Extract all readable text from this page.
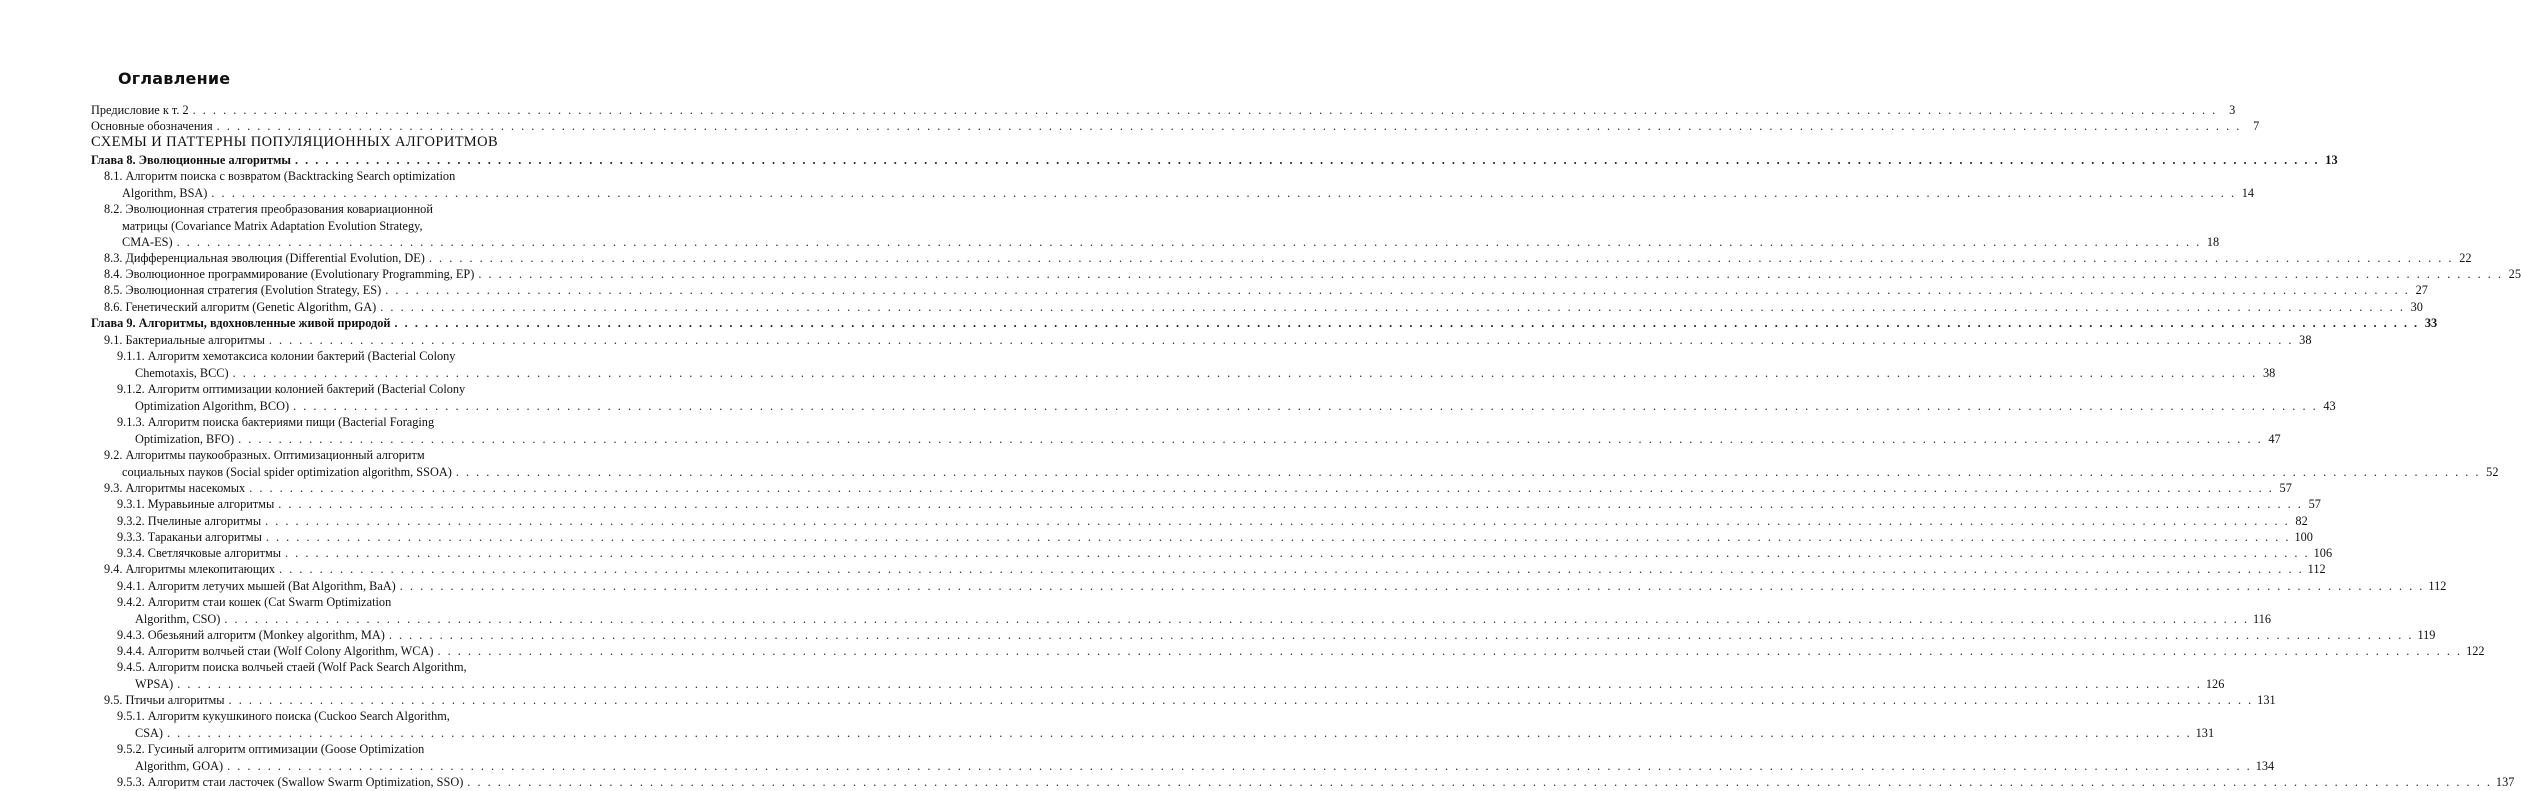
Оглавление
СХЕМЫ И ПАТТЕРНЫ ПОПУЛЯЦИОННЫХ АЛГОРИТМОВ
Предисловие к т. 2 . . . . . . . . . . . . . . . . . . . . . . . . . . . . . . . . . . . . . . . . . . . . . . . . . . . . . . . . . . . . . . . . . . . . . . . . . . . . . . . . . . . . . . . . . . . . . . . . . . . . . . . . . . . . . . . . . . . . . . . . . . . . . . . . . . . . . . . . . . . . . . . . . . . . . . . . . . . . . . . . . . . . . . . . . . . . . . . . . . . . . . . . . . . . . . . . . . . . . . . . 3
Основные обозначения . . . . . . . . . . . . . . . . . . . . . . . . . . . . . . . . . . . . . . . . . . . . . . . . . . . . . . . . . . . . . . . . . . . . . . . . . . . . . . . . . . . . . . . . . . . . . . . . . . . . . . . . . . . . . . . . . . . . . . . . . . . . . . . . . . . . . . . . . . . . . . . . . . . . . . . . . . . . . . . . . . . . . . . . . . . . . . . . . . . . . . . . . . . . . . . . . . . . . . . . 7
Глава 8. Эволюционные алгоритмы . . . . . . . . . . . . . . . . . . . . . . . . . . . . . . . . . . . . . . . . . . . . . . . . . . . . . . . . . . . . . . . . . . . . . . . . . . . . . . . . . . . . . . . . . . . . . . . . . . . . . . . . . . . . . . . . . . . . . . . . . . . . . . . . . . . . . . . . . . . . . . . . . . . . . . . . . . . . . . . . . . . . . . . . . . . . . . . . . . . . . . . . . . . . . . . . . . . . . . . . 13
8.1. Алгоритм поиска с возвратом (Backtracking Search optimization
Algorithm, BSA) . . . . . . . . . . . . . . . . . . . . . . . . . . . . . . . . . . . . . . . . . . . . . . . . . . . . . . . . . . . . . . . . . . . . . . . . . . . . . . . . . . . . . . . . . . . . . . . . . . . . . . . . . . . . . . . . . . . . . . . . . . . . . . . . . . . . . . . . . . . . . . . . . . . . . . . . . . . . . . . . . . . . . . . . . . . . . . . . . . . . . . . . . . . . . . . . . . . . . . . . 14
8.2. Эволюционная стратегия преобразования ковариационной
матрицы (Covariance Matrix Adaptation Evolution Strategy,
CMA-ES) . . . . . . . . . . . . . . . . . . . . . . . . . . . . . . . . . . . . . . . . . . . . . . . . . . . . . . . . . . . . . . . . . . . . . . . . . . . . . . . . . . . . . . . . . . . . . . . . . . . . . . . . . . . . . . . . . . . . . . . . . . . . . . . . . . . . . . . . . . . . . . . . . . . . . . . . . . . . . . . . . . . . . . . . . . . . . . . . . . . . . . . . . . . . . . . . . . . . . . . . 18
8.3. Дифференциальная эволюция (Differential Evolution, DE) . . . . . . . . . . . . . . . . . . . . . . . . . . . . . . . . . . . . . . . . . . . . . . . . . . . . . . . . . . . . . . . . . . . . . . . . . . . . . . . . . . . . . . . . . . . . . . . . . . . . . . . . . . . . . . . . . . . . . . . . . . . . . . . . . . . . . . . . . . . . . . . . . . . . . . . . . . . . . . . . . . . . . . . . . . . . . . . . . . . . . . . . . . . . . . . . . . . . . . . . 22
8.4. Эволюционное программирование (Evolutionary Programming, EP) . . . . . . . . . . . . . . . . . . . . . . . . . . . . . . . . . . . . . . . . . . . . . . . . . . . . . . . . . . . . . . . . . . . . . . . . . . . . . . . . . . . . . . . . . . . . . . . . . . . . . . . . . . . . . . . . . . . . . . . . . . . . . . . . . . . . . . . . . . . . . . . . . . . . . . . . . . . . . . . . . . . . . . . . . . . . . . . . . . . . . . . . . . . . . . . . . . . . . . . . 25
8.5. Эволюционная стратегия (Evolution Strategy, ES) . . . . . . . . . . . . . . . . . . . . . . . . . . . . . . . . . . . . . . . . . . . . . . . . . . . . . . . . . . . . . . . . . . . . . . . . . . . . . . . . . . . . . . . . . . . . . . . . . . . . . . . . . . . . . . . . . . . . . . . . . . . . . . . . . . . . . . . . . . . . . . . . . . . . . . . . . . . . . . . . . . . . . . . . . . . . . . . . . . . . . . . . . . . . . . . . . . . . . . . . 27
8.6. Генетический алгоритм (Genetic Algorithm, GA) . . . . . . . . . . . . . . . . . . . . . . . . . . . . . . . . . . . . . . . . . . . . . . . . . . . . . . . . . . . . . . . . . . . . . . . . . . . . . . . . . . . . . . . . . . . . . . . . . . . . . . . . . . . . . . . . . . . . . . . . . . . . . . . . . . . . . . . . . . . . . . . . . . . . . . . . . . . . . . . . . . . . . . . . . . . . . . . . . . . . . . . . . . . . . . . . . . . . . . . . 30
Глава 9. Алгоритмы, вдохновленные живой природой . . . . . . . . . . . . . . . . . . . . . . . . . . . . . . . . . . . . . . . . . . . . . . . . . . . . . . . . . . . . . . . . . . . . . . . . . . . . . . . . . . . . . . . . . . . . . . . . . . . . . . . . . . . . . . . . . . . . . . . . . . . . . . . . . . . . . . . . . . . . . . . . . . . . . . . . . . . . . . . . . . . . . . . . . . . . . . . . . . . . . . . . . . . . . . . . . . . . . . . . 33
9.1. Бактериальные алгоритмы . . . . . . . . . . . . . . . . . . . . . . . . . . . . . . . . . . . . . . . . . . . . . . . . . . . . . . . . . . . . . . . . . . . . . . . . . . . . . . . . . . . . . . . . . . . . . . . . . . . . . . . . . . . . . . . . . . . . . . . . . . . . . . . . . . . . . . . . . . . . . . . . . . . . . . . . . . . . . . . . . . . . . . . . . . . . . . . . . . . . . . . . . . . . . . . . . . . . . . . . 38
9.1.1. Алгоритм хемотаксиса колонии бактерий (Bacterial Colony
Chemotaxis, BCC) . . . . . . . . . . . . . . . . . . . . . . . . . . . . . . . . . . . . . . . . . . . . . . . . . . . . . . . . . . . . . . . . . . . . . . . . . . . . . . . . . . . . . . . . . . . . . . . . . . . . . . . . . . . . . . . . . . . . . . . . . . . . . . . . . . . . . . . . . . . . . . . . . . . . . . . . . . . . . . . . . . . . . . . . . . . . . . . . . . . . . . . . . . . . . . . . . . . . . . . . 38
9.1.2. Алгоритм оптимизации колонией бактерий (Bacterial Colony
Optimization Algorithm, BCO) . . . . . . . . . . . . . . . . . . . . . . . . . . . . . . . . . . . . . . . . . . . . . . . . . . . . . . . . . . . . . . . . . . . . . . . . . . . . . . . . . . . . . . . . . . . . . . . . . . . . . . . . . . . . . . . . . . . . . . . . . . . . . . . . . . . . . . . . . . . . . . . . . . . . . . . . . . . . . . . . . . . . . . . . . . . . . . . . . . . . . . . . . . . . . . . . . . . . . . . . 43
9.1.3. Алгоритм поиска бактериями пищи (Bacterial Foraging
Optimization, BFO) . . . . . . . . . . . . . . . . . . . . . . . . . . . . . . . . . . . . . . . . . . . . . . . . . . . . . . . . . . . . . . . . . . . . . . . . . . . . . . . . . . . . . . . . . . . . . . . . . . . . . . . . . . . . . . . . . . . . . . . . . . . . . . . . . . . . . . . . . . . . . . . . . . . . . . . . . . . . . . . . . . . . . . . . . . . . . . . . . . . . . . . . . . . . . . . . . . . . . . . . 47
9.2. Алгоритмы паукообразных. Оптимизационный алгоритм
социальных пауков (Social spider optimization algorithm, SSOA) . . . . . . . . . . . . . . . . . . . . . . . . . . . . . . . . . . . . . . . . . . . . . . . . . . . . . . . . . . . . . . . . . . . . . . . . . . . . . . . . . . . . . . . . . . . . . . . . . . . . . . . . . . . . . . . . . . . . . . . . . . . . . . . . . . . . . . . . . . . . . . . . . . . . . . . . . . . . . . . . . . . . . . . . . . . . . . . . . . . . . . . . . . . . . . . . . . . . . . . . 52
9.3. Алгоритмы насекомых . . . . . . . . . . . . . . . . . . . . . . . . . . . . . . . . . . . . . . . . . . . . . . . . . . . . . . . . . . . . . . . . . . . . . . . . . . . . . . . . . . . . . . . . . . . . . . . . . . . . . . . . . . . . . . . . . . . . . . . . . . . . . . . . . . . . . . . . . . . . . . . . . . . . . . . . . . . . . . . . . . . . . . . . . . . . . . . . . . . . . . . . . . . . . . . . . . . . . . . . 57
9.3.1. Муравьиные алгоритмы . . . . . . . . . . . . . . . . . . . . . . . . . . . . . . . . . . . . . . . . . . . . . . . . . . . . . . . . . . . . . . . . . . . . . . . . . . . . . . . . . . . . . . . . . . . . . . . . . . . . . . . . . . . . . . . . . . . . . . . . . . . . . . . . . . . . . . . . . . . . . . . . . . . . . . . . . . . . . . . . . . . . . . . . . . . . . . . . . . . . . . . . . . . . . . . . . . . . . . . . 57
9.3.2. Пчелиные алгоритмы . . . . . . . . . . . . . . . . . . . . . . . . . . . . . . . . . . . . . . . . . . . . . . . . . . . . . . . . . . . . . . . . . . . . . . . . . . . . . . . . . . . . . . . . . . . . . . . . . . . . . . . . . . . . . . . . . . . . . . . . . . . . . . . . . . . . . . . . . . . . . . . . . . . . . . . . . . . . . . . . . . . . . . . . . . . . . . . . . . . . . . . . . . . . . . . . . . . . . . . . 82
9.3.3. Тараканьи алгоритмы . . . . . . . . . . . . . . . . . . . . . . . . . . . . . . . . . . . . . . . . . . . . . . . . . . . . . . . . . . . . . . . . . . . . . . . . . . . . . . . . . . . . . . . . . . . . . . . . . . . . . . . . . . . . . . . . . . . . . . . . . . . . . . . . . . . . . . . . . . . . . . . . . . . . . . . . . . . . . . . . . . . . . . . . . . . . . . . . . . . . . . . . . . . . . . . . . . . . . . . . 100
9.3.4. Светлячковые алгоритмы . . . . . . . . . . . . . . . . . . . . . . . . . . . . . . . . . . . . . . . . . . . . . . . . . . . . . . . . . . . . . . . . . . . . . . . . . . . . . . . . . . . . . . . . . . . . . . . . . . . . . . . . . . . . . . . . . . . . . . . . . . . . . . . . . . . . . . . . . . . . . . . . . . . . . . . . . . . . . . . . . . . . . . . . . . . . . . . . . . . . . . . . . . . . . . . . . . . . . . . . 106
9.4. Алгоритмы млекопитающих . . . . . . . . . . . . . . . . . . . . . . . . . . . . . . . . . . . . . . . . . . . . . . . . . . . . . . . . . . . . . . . . . . . . . . . . . . . . . . . . . . . . . . . . . . . . . . . . . . . . . . . . . . . . . . . . . . . . . . . . . . . . . . . . . . . . . . . . . . . . . . . . . . . . . . . . . . . . . . . . . . . . . . . . . . . . . . . . . . . . . . . . . . . . . . . . . . . . . . . . 112
9.4.1. Алгоритм летучих мышей (Bat Algorithm, BaA) . . . . . . . . . . . . . . . . . . . . . . . . . . . . . . . . . . . . . . . . . . . . . . . . . . . . . . . . . . . . . . . . . . . . . . . . . . . . . . . . . . . . . . . . . . . . . . . . . . . . . . . . . . . . . . . . . . . . . . . . . . . . . . . . . . . . . . . . . . . . . . . . . . . . . . . . . . . . . . . . . . . . . . . . . . . . . . . . . . . . . . . . . . . . . . . . . . . . . . . . 112
9.4.2. Алгоритм стаи кошек (Cat Swarm Optimization
Algorithm, CSO) . . . . . . . . . . . . . . . . . . . . . . . . . . . . . . . . . . . . . . . . . . . . . . . . . . . . . . . . . . . . . . . . . . . . . . . . . . . . . . . . . . . . . . . . . . . . . . . . . . . . . . . . . . . . . . . . . . . . . . . . . . . . . . . . . . . . . . . . . . . . . . . . . . . . . . . . . . . . . . . . . . . . . . . . . . . . . . . . . . . . . . . . . . . . . . . . . . . . . . . . 116
9.4.3. Обезьяний алгоритм (Monkey algorithm, MA) . . . . . . . . . . . . . . . . . . . . . . . . . . . . . . . . . . . . . . . . . . . . . . . . . . . . . . . . . . . . . . . . . . . . . . . . . . . . . . . . . . . . . . . . . . . . . . . . . . . . . . . . . . . . . . . . . . . . . . . . . . . . . . . . . . . . . . . . . . . . . . . . . . . . . . . . . . . . . . . . . . . . . . . . . . . . . . . . . . . . . . . . . . . . . . . . . . . . . . . . 119
9.4.4. Алгоритм волчьей стаи (Wolf Colony Algorithm, WCA) . . . . . . . . . . . . . . . . . . . . . . . . . . . . . . . . . . . . . . . . . . . . . . . . . . . . . . . . . . . . . . . . . . . . . . . . . . . . . . . . . . . . . . . . . . . . . . . . . . . . . . . . . . . . . . . . . . . . . . . . . . . . . . . . . . . . . . . . . . . . . . . . . . . . . . . . . . . . . . . . . . . . . . . . . . . . . . . . . . . . . . . . . . . . . . . . . . . . . . . . 122
9.4.5. Алгоритм поиска волчьей стаей (Wolf Pack Search Algorithm,
WPSA) . . . . . . . . . . . . . . . . . . . . . . . . . . . . . . . . . . . . . . . . . . . . . . . . . . . . . . . . . . . . . . . . . . . . . . . . . . . . . . . . . . . . . . . . . . . . . . . . . . . . . . . . . . . . . . . . . . . . . . . . . . . . . . . . . . . . . . . . . . . . . . . . . . . . . . . . . . . . . . . . . . . . . . . . . . . . . . . . . . . . . . . . . . . . . . . . . . . . . . . . 126
9.5. Птичьи алгоритмы . . . . . . . . . . . . . . . . . . . . . . . . . . . . . . . . . . . . . . . . . . . . . . . . . . . . . . . . . . . . . . . . . . . . . . . . . . . . . . . . . . . . . . . . . . . . . . . . . . . . . . . . . . . . . . . . . . . . . . . . . . . . . . . . . . . . . . . . . . . . . . . . . . . . . . . . . . . . . . . . . . . . . . . . . . . . . . . . . . . . . . . . . . . . . . . . . . . . . . . . 131
9.5.1. Алгоритм кукушкиного поиска (Cuckoo Search Algorithm,
CSA) . . . . . . . . . . . . . . . . . . . . . . . . . . . . . . . . . . . . . . . . . . . . . . . . . . . . . . . . . . . . . . . . . . . . . . . . . . . . . . . . . . . . . . . . . . . . . . . . . . . . . . . . . . . . . . . . . . . . . . . . . . . . . . . . . . . . . . . . . . . . . . . . . . . . . . . . . . . . . . . . . . . . . . . . . . . . . . . . . . . . . . . . . . . . . . . . . . . . . . . . 131
9.5.2. Гусиный алгоритм оптимизации (Goose Optimization
Algorithm, GOA) . . . . . . . . . . . . . . . . . . . . . . . . . . . . . . . . . . . . . . . . . . . . . . . . . . . . . . . . . . . . . . . . . . . . . . . . . . . . . . . . . . . . . . . . . . . . . . . . . . . . . . . . . . . . . . . . . . . . . . . . . . . . . . . . . . . . . . . . . . . . . . . . . . . . . . . . . . . . . . . . . . . . . . . . . . . . . . . . . . . . . . . . . . . . . . . . . . . . . . . . 134
9.5.3. Алгоритм стаи ласточек (Swallow Swarm Optimization, SSO) . . . . . . . . . . . . . . . . . . . . . . . . . . . . . . . . . . . . . . . . . . . . . . . . . . . . . . . . . . . . . . . . . . . . . . . . . . . . . . . . . . . . . . . . . . . . . . . . . . . . . . . . . . . . . . . . . . . . . . . . . . . . . . . . . . . . . . . . . . . . . . . . . . . . . . . . . . . . . . . . . . . . . . . . . . . . . . . . . . . . . . . . . . . . . . . . . . . . . . . . 137
